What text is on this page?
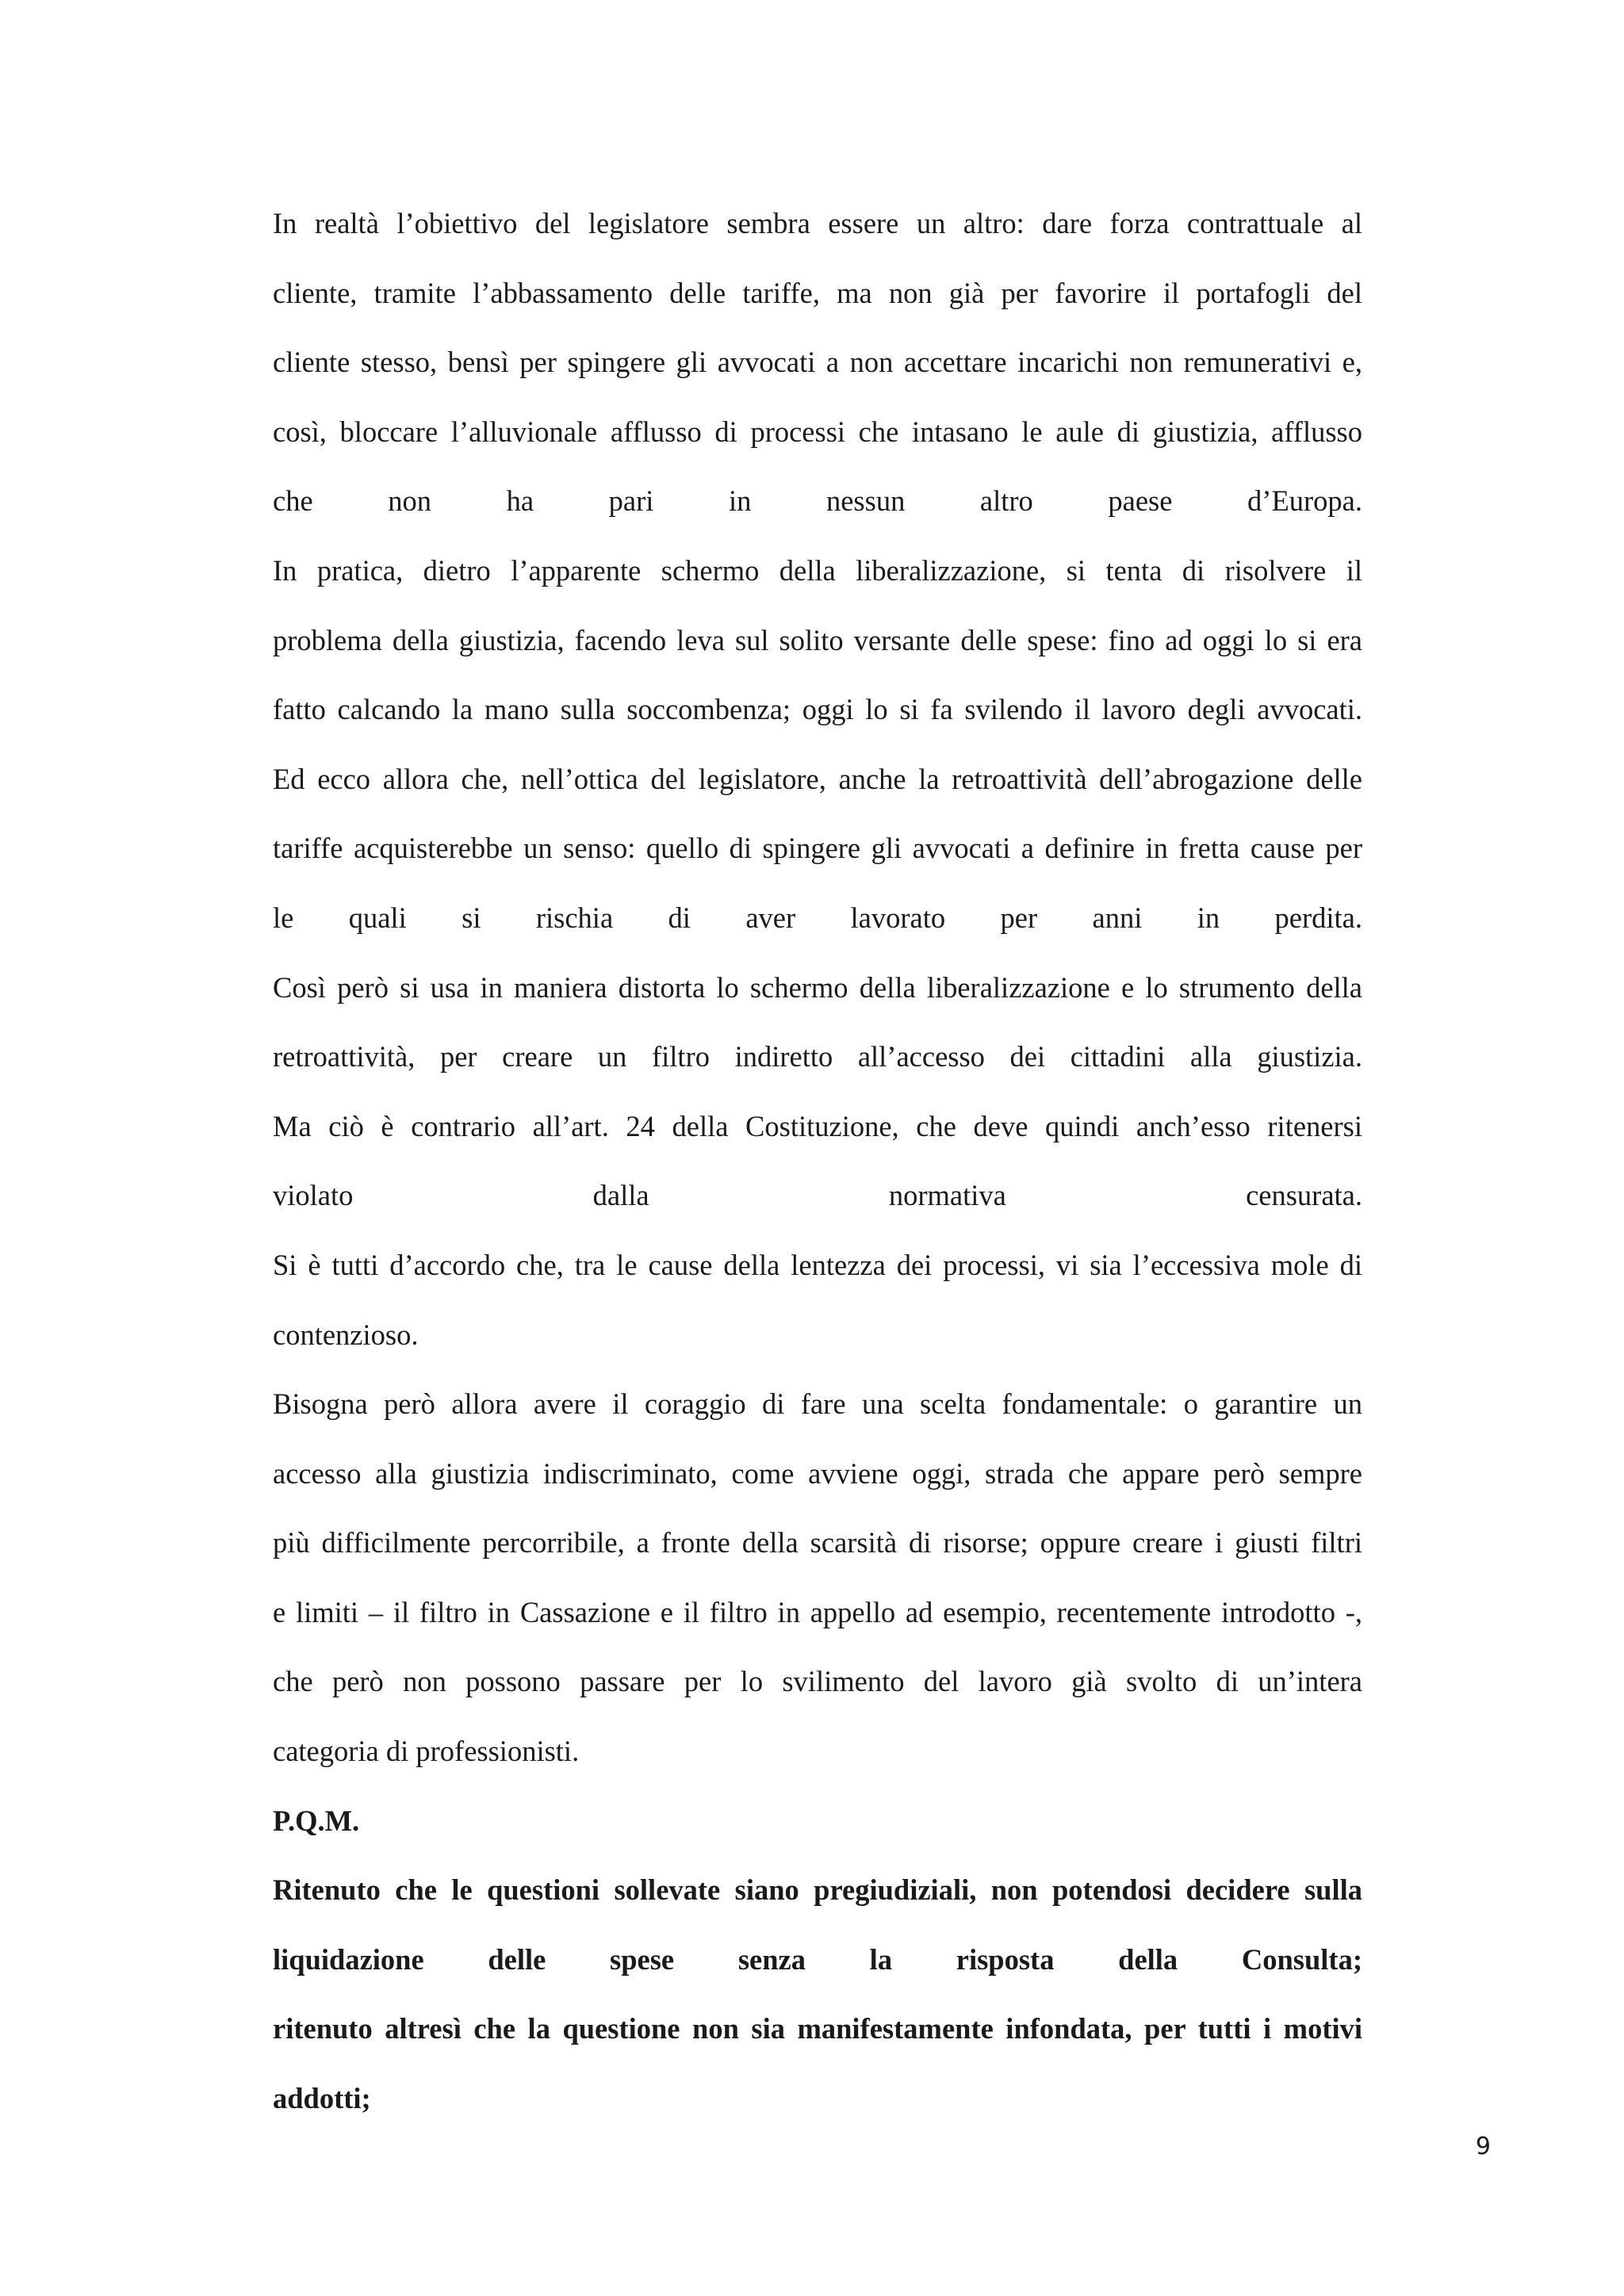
In realtà l’obiettivo del legislatore sembra essere un altro: dare forza contrattuale al
cliente, tramite l’abbassamento delle tariffe, ma non già per favorire il portafogli del
cliente stesso, bensì per spingere gli avvocati a non accettare incarichi non remunerativi e,
così, bloccare l’alluvionale afflusso di processi che intasano le aule di giustizia, afflusso
che non ha pari in nessun altro paese d’Europa.
In pratica, dietro l’apparente schermo della liberalizzazione, si tenta di risolvere il
problema della giustizia, facendo leva sul solito versante delle spese: fino ad oggi lo si era
fatto calcando la mano sulla soccombenza; oggi lo si fa svilendo il lavoro degli avvocati.
Ed ecco allora che, nell’ottica del legislatore, anche la retroattività dell’abrogazione delle
tariffe acquisterebbe un senso: quello di spingere gli avvocati a definire in fretta cause per
le quali si rischia di aver lavorato per anni in perdita.
Così però si usa in maniera distorta lo schermo della liberalizzazione e lo strumento della
retroattività, per creare un filtro indiretto all’accesso dei cittadini alla giustizia.
Ma ciò è contrario all’art. 24 della Costituzione, che deve quindi anch’esso ritenersi
violato dalla normativa censurata.
Si è tutti d’accordo che, tra le cause della lentezza dei processi, vi sia l’eccessiva mole di
contenzioso.
Bisogna però allora avere il coraggio di fare una scelta fondamentale: o garantire un
accesso alla giustizia indiscriminato, come avviene oggi, strada che appare però sempre
più difficilmente percorribile, a fronte della scarsità di risorse; oppure creare i giusti filtri
e limiti – il filtro in Cassazione e il filtro in appello ad esempio, recentemente introdotto -,
che però non possono passare per lo svilimento del lavoro già svolto di un’intera
categoria di professionisti.
P.Q.M.
Ritenuto che le questioni sollevate siano pregiudiziali, non potendosi decidere sulla
liquidazione delle spese senza la risposta della Consulta;
ritenuto altresì che la questione non sia manifestamente infondata, per tutti i motivi
addotti;
9
